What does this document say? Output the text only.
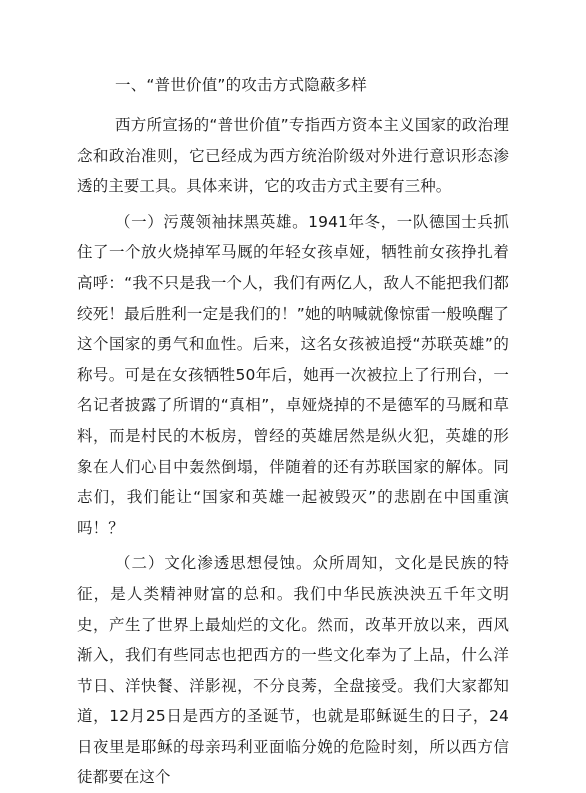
一、“普世价值”的攻击方式隐蔽多样

西方所宣扬的“普世价值”专指西方资本主义国家的政治理念和政治准则，它已经成为西方统治阶级对外进行意识形态渗透的主要工具。具体来讲，它的攻击方式主要有三种。

（一）污蔑领袖抹黑英雄。1941年冬，一队德国士兵抓住了一个放火烧掉军马厩的年轻女孩卓娅，牺牲前女孩挣扎着高呼：“我不只是我一个人，我们有两亿人，敌人不能把我们都绞死！最后胜利一定是我们的！”她的呐喊就像惊雷一般唤醒了这个国家的勇气和血性。后来，这名女孩被追授“苏联英雄”的称号。可是在女孩牺牲50年后，她再一次被拉上了行刑台，一名记者披露了所谓的“真相”，卓娅烧掉的不是德军的马厩和草料，而是村民的木板房，曾经的英雄居然是纵火犯，英雄的形象在人们心目中轰然倒塌，伴随着的还有苏联国家的解体。同志们，我们能让“国家和英雄一起被毁灭”的悲剧在中国重演吗！？

（二）文化渗透思想侵蚀。众所周知，文化是民族的特征，是人类精神财富的总和。我们中华民族泱泱五千年文明史，产生了世界上最灿烂的文化。然而，改革开放以来，西风渐入，我们有些同志也把西方的一些文化奉为了上品，什么洋节日、洋快餐、洋影视，不分良莠，全盘接受。我们大家都知道，12月25日是西方的圣诞节，也就是耶稣诞生的日子，24日夜里是耶稣的母亲玛利亚面临分娩的危险时刻，所以西方信徒都要在这个
